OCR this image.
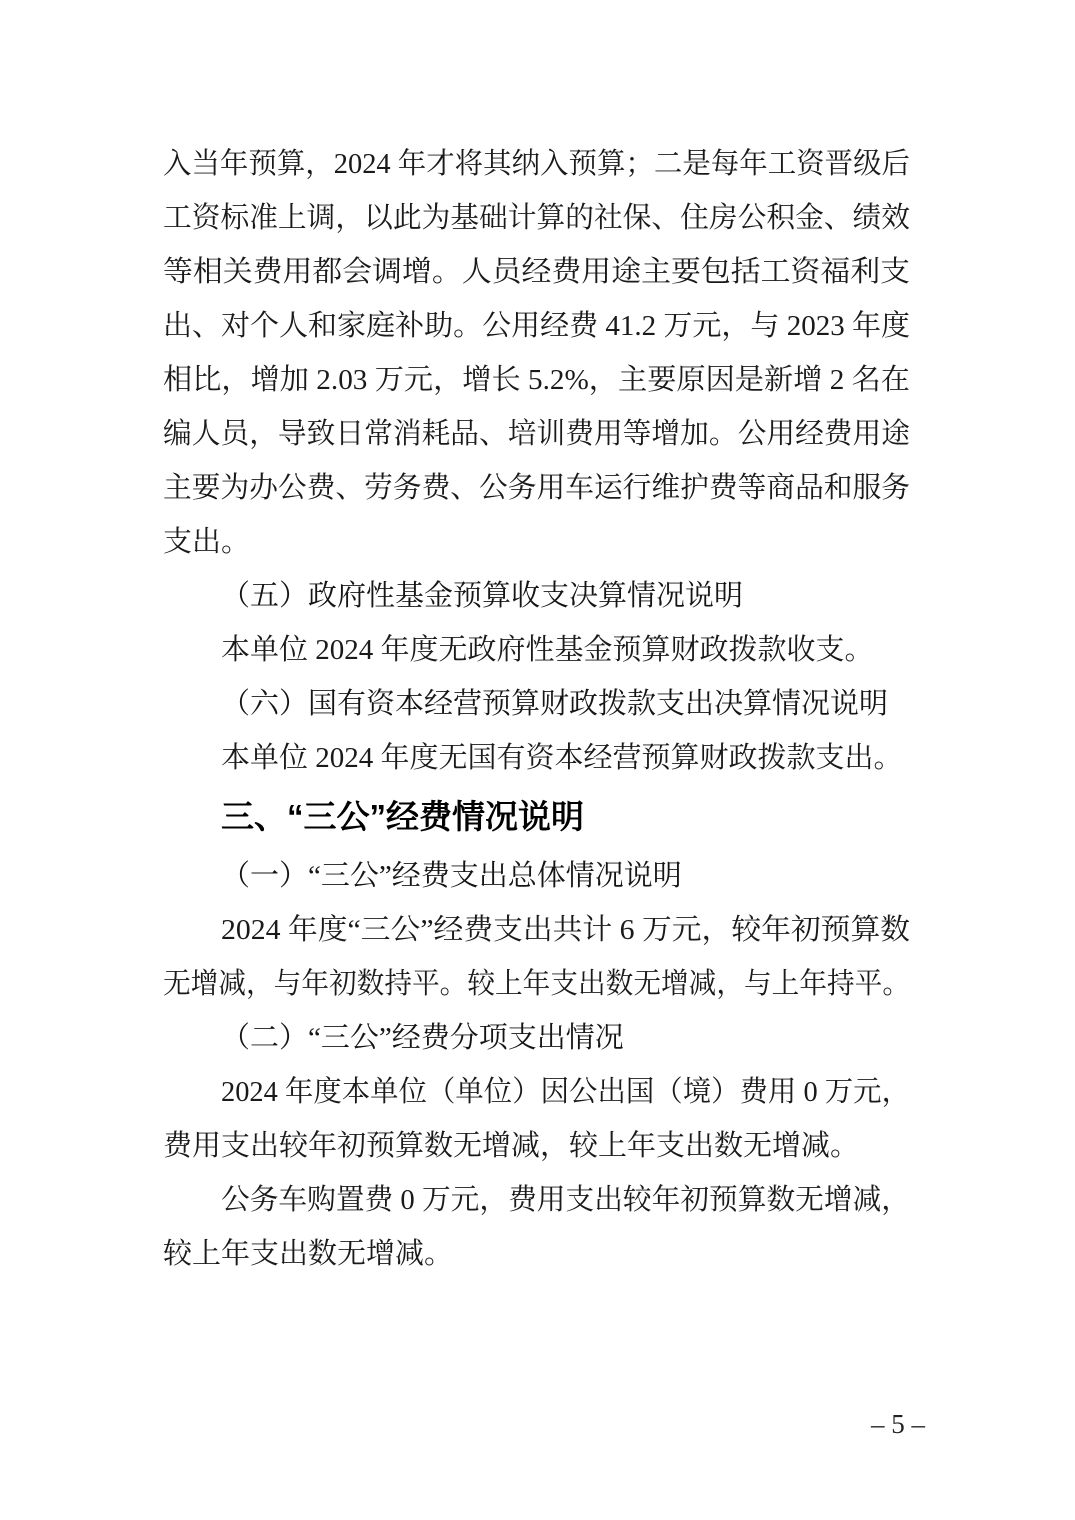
入当年预算，2024 年才将其纳入预算；二是每年工资晋级后
工资标准上调，以此为基础计算的社保、住房公积金、绩效
等相关费用都会调增。人员经费用途主要包括工资福利支
出、对个人和家庭补助。公用经费 41.2 万元，与 2023 年度
相比，增加 2.03 万元，增长 5.2%，主要原因是新增 2 名在
编人员，导致日常消耗品、培训费用等增加。公用经费用途
主要为办公费、劳务费、公务用车运行维护费等商品和服务
支出。
（五）政府性基金预算收支决算情况说明
本单位 2024 年度无政府性基金预算财政拨款收支。
（六）国有资本经营预算财政拨款支出决算情况说明
本单位 2024 年度无国有资本经营预算财政拨款支出。
三、“三公”经费情况说明
（一）“三公”经费支出总体情况说明
2024 年度“三公”经费支出共计 6 万元，较年初预算数
无增减，与年初数持平。较上年支出数无增减，与上年持平。
（二）“三公”经费分项支出情况
2024 年度本单位（单位）因公出国（境）费用 0 万元，
费用支出较年初预算数无增减，较上年支出数无增减。
公务车购置费 0 万元，费用支出较年初预算数无增减，
较上年支出数无增减。
– 5 –
